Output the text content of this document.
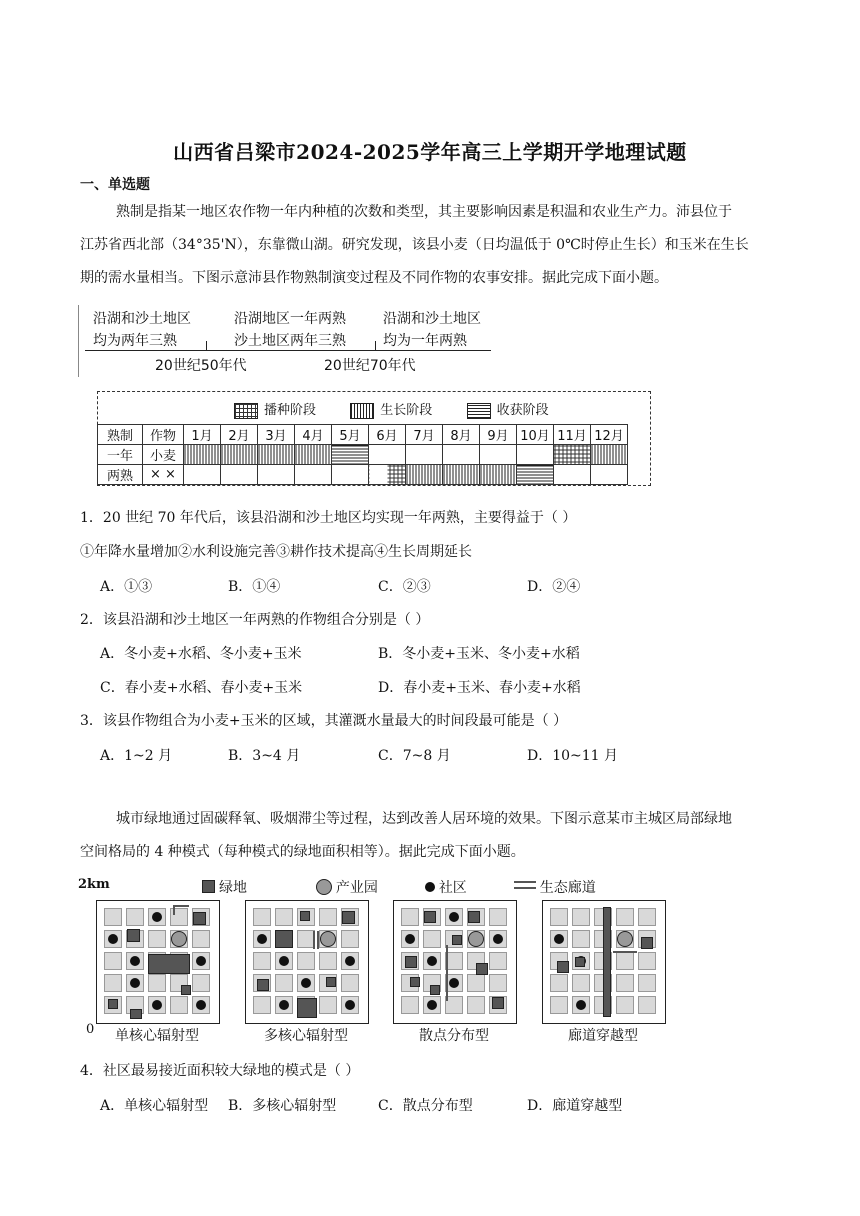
山西省吕梁市2024-2025学年高三上学期开学地理试题
一、单选题
熟制是指某一地区农作物一年内种植的次数和类型，其主要影响因素是积温和农业生产力。沛县位于
江苏省西北部（34°35'N），东靠微山湖。研究发现，该县小麦（日均温低于 0℃时停止生长）和玉米在生长
期的需水量相当。下图示意沛县作物熟制演变过程及不同作物的农事安排。据此完成下面小题。
沿湖和沙土地区
均为两年三熟
沿湖地区一年两熟
沙土地区两年三熟
沿湖和沙土地区
均为一年两熟
20世纪50年代	20世纪70年代
播种阶段	生长阶段	收获阶段
熟制	作物	1月	2月	3月	4月	5月	6月	7月	8月	9月	10月	11月	12月
一年	小麦												
两熟	× ×												
1．20 世纪 70 年代后，该县沿湖和沙土地区均实现一年两熟，主要得益于（ ）
①年降水量增加②水利设施完善③耕作技术提高④生长周期延长
A．①③	B．①④	C．②③	D．②④
2．该县沿湖和沙土地区一年两熟的作物组合分别是（ ）
A．冬小麦+水稻、冬小麦+玉米	B．冬小麦+玉米、冬小麦+水稻
C．春小麦+水稻、春小麦+玉米	D．春小麦+玉米、春小麦+水稻
3．该县作物组合为小麦+玉米的区域，其灌溉水量最大的时间段最可能是（ ）
A．1~2 月	B．3~4 月	C．7~8 月	D．10~11 月
城市绿地通过固碳释氧、吸烟滞尘等过程，达到改善人居环境的效果。下图示意某市主城区局部绿地
空间格局的 4 种模式（每种模式的绿地面积相等）。据此完成下面小题。
2km
0
绿地	产业园	社区	生态廊道
单核心辐射型	多核心辐射型	散点分布型	廊道穿越型
4．社区最易接近面积较大绿地的模式是（ ）
A．单核心辐射型 B．多核心辐射型	C．散点分布型	D．廊道穿越型
